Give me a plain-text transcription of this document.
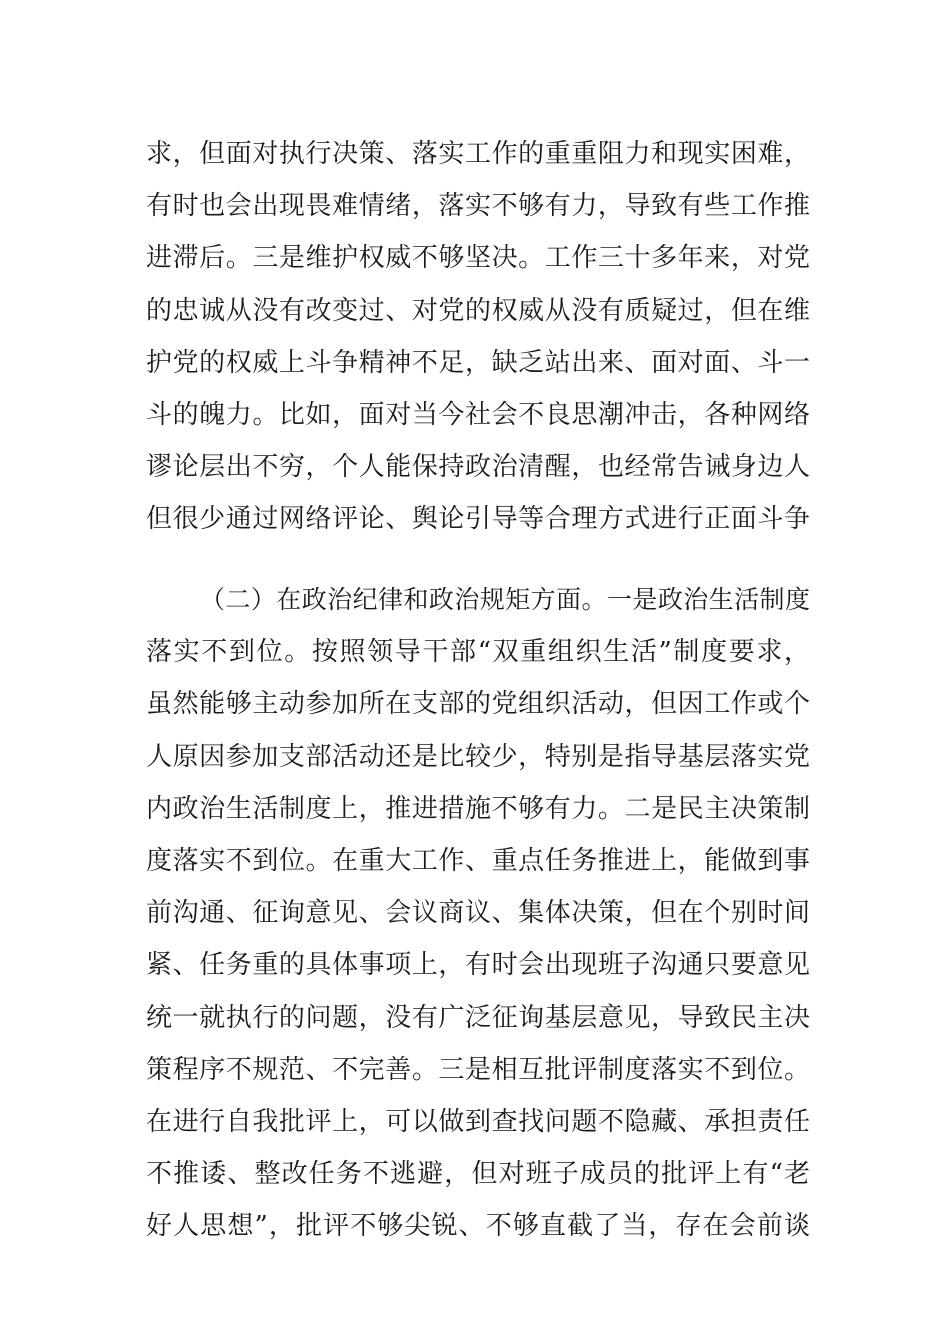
求，但面对执行决策、落实工作的重重阻力和现实困难，
有时也会出现畏难情绪，落实不够有力，导致有些工作推
进滞后。三是维护权威不够坚决。工作三十多年来，对党
的忠诚从没有改变过、对党的权威从没有质疑过，但在维
护党的权威上斗争精神不足，缺乏站出来、面对面、斗一
斗的魄力。比如，面对当今社会不良思潮冲击，各种网络
谬论层出不穷，个人能保持政治清醒，也经常告诫身边人
但很少通过网络评论、舆论引导等合理方式进行正面斗争
（二）在政治纪律和政治规矩方面。一是政治生活制度
落实不到位。按照领导干部“双重组织生活”制度要求，
虽然能够主动参加所在支部的党组织活动，但因工作或个
人原因参加支部活动还是比较少，特别是指导基层落实党
内政治生活制度上，推进措施不够有力。二是民主决策制
度落实不到位。在重大工作、重点任务推进上，能做到事
前沟通、征询意见、会议商议、集体决策，但在个别时间
紧、任务重的具体事项上，有时会出现班子沟通只要意见
统一就执行的问题，没有广泛征询基层意见，导致民主决
策程序不规范、不完善。三是相互批评制度落实不到位。
在进行自我批评上，可以做到查找问题不隐藏、承担责任
不推诿、整改任务不逃避，但对班子成员的批评上有“老
好人思想”，批评不够尖锐、不够直截了当，存在会前谈
